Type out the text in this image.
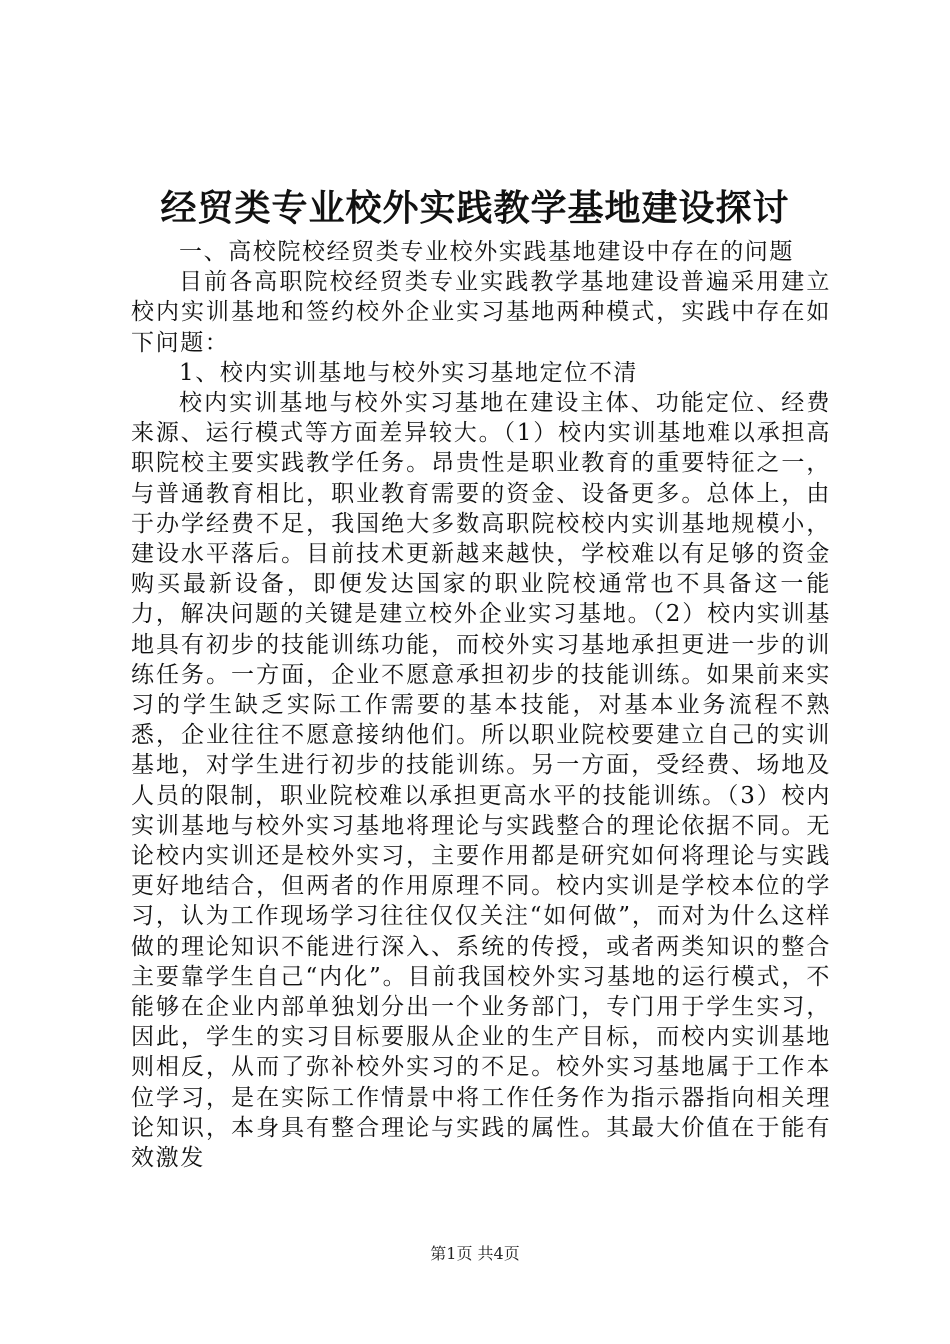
经贸类专业校外实践教学基地建设探讨

一、高校院校经贸类专业校外实践基地建设中存在的问题

目前各高职院校经贸类专业实践教学基地建设普遍采用建立校内实训基地和签约校外企业实习基地两种模式，实践中存在如下问题：

1、校内实训基地与校外实习基地定位不清

校内实训基地与校外实习基地在建设主体、功能定位、经费来源、运行模式等方面差异较大。（1）校内实训基地难以承担高职院校主要实践教学任务。昂贵性是职业教育的重要特征之一，与普通教育相比，职业教育需要的资金、设备更多。总体上，由于办学经费不足，我国绝大多数高职院校校内实训基地规模小，建设水平落后。目前技术更新越来越快，学校难以有足够的资金购买最新设备，即便发达国家的职业院校通常也不具备这一能力，解决问题的关键是建立校外企业实习基地。（2）校内实训基地具有初步的技能训练功能，而校外实习基地承担更进一步的训练任务。一方面，企业不愿意承担初步的技能训练。如果前来实习的学生缺乏实际工作需要的基本技能，对基本业务流程不熟悉，企业往往不愿意接纳他们。所以职业院校要建立自己的实训基地，对学生进行初步的技能训练。另一方面，受经费、场地及人员的限制，职业院校难以承担更高水平的技能训练。（3）校内实训基地与校外实习基地将理论与实践整合的理论依据不同。无论校内实训还是校外实习，主要作用都是研究如何将理论与实践更好地结合，但两者的作用原理不同。校内实训是学校本位的学习，认为工作现场学习往往仅仅关注“如何做”，而对为什么这样做的理论知识不能进行深入、系统的传授，或者两类知识的整合主要靠学生自己“内化”。目前我国校外实习基地的运行模式，不能够在企业内部单独划分出一个业务部门，专门用于学生实习，因此，学生的实习目标要服从企业的生产目标，而校内实训基地则相反，从而了弥补校外实习的不足。校外实习基地属于工作本位学习，是在实际工作情景中将工作任务作为指示器指向相关理论知识，本身具有整合理论与实践的属性。其最大价值在于能有效激发

第1页 共4页
